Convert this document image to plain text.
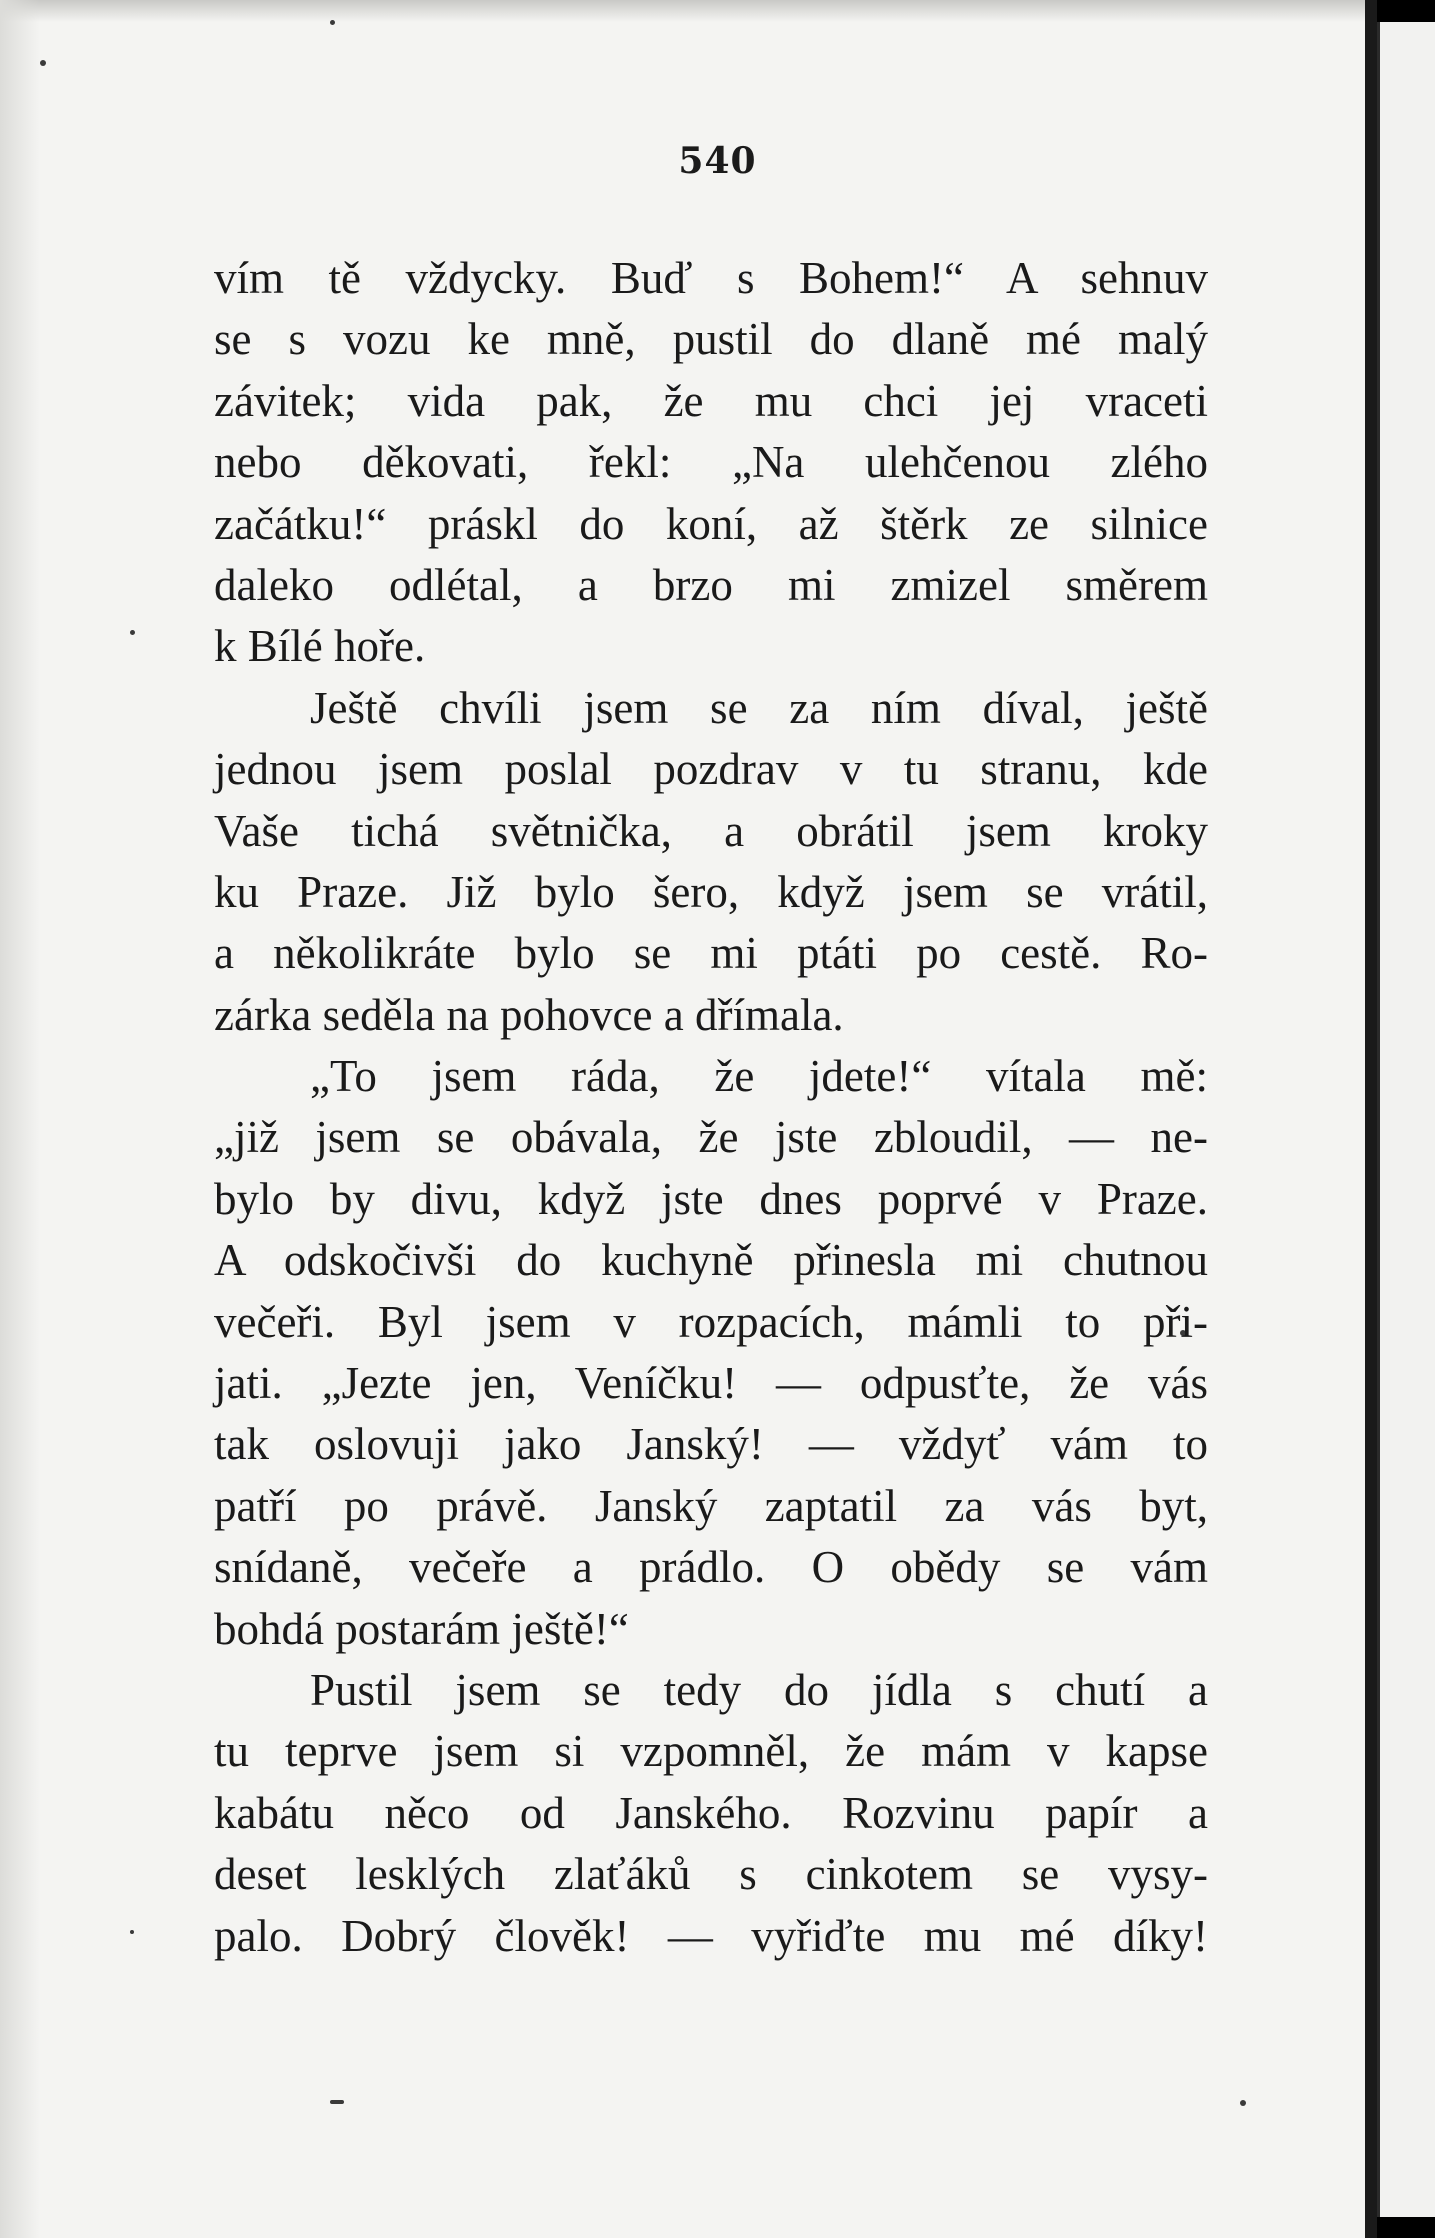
540
vím tě vždycky. Buď s Bohem!“ A sehnuv
se s vozu ke mně, pustil do dlaně mé malý
závitek; vida pak, že mu chci jej vraceti
nebo děkovati, řekl: „Na ulehčenou zlého
začátku!“ práskl do koní, až štěrk ze silnice
daleko odlétal, a brzo mi zmizel směrem
k Bílé hoře.
Ještě chvíli jsem se za ním díval, ještě
jednou jsem poslal pozdrav v tu stranu, kde
Vaše tichá světnička, a obrátil jsem kroky
ku Praze. Již bylo šero, když jsem se vrátil,
a několikráte bylo se mi ptáti po cestě. Ro-
zárka seděla na pohovce a dřímala.
„To jsem ráda, že jdete!“ vítala mě:
„již jsem se obávala, že jste zbloudil, — ne-
bylo by divu, když jste dnes poprvé v Praze.
A odskočivši do kuchyně přinesla mi chutnou
večeři. Byl jsem v rozpacích, mámli to při-
jati. „Jezte jen, Veníčku! — odpusťte, že vás
tak oslovuji jako Janský! — vždyť vám to
patří po právě. Janský zaptatil za vás byt,
snídaně, večeře a prádlo. O obědy se vám
bohdá postarám ještě!“
Pustil jsem se tedy do jídla s chutí a
tu teprve jsem si vzpomněl, že mám v kapse
kabátu něco od Janského. Rozvinu papír a
deset lesklých zlaťáků s cinkotem se vysy-
palo. Dobrý člověk! — vyřiďte mu mé díky!
